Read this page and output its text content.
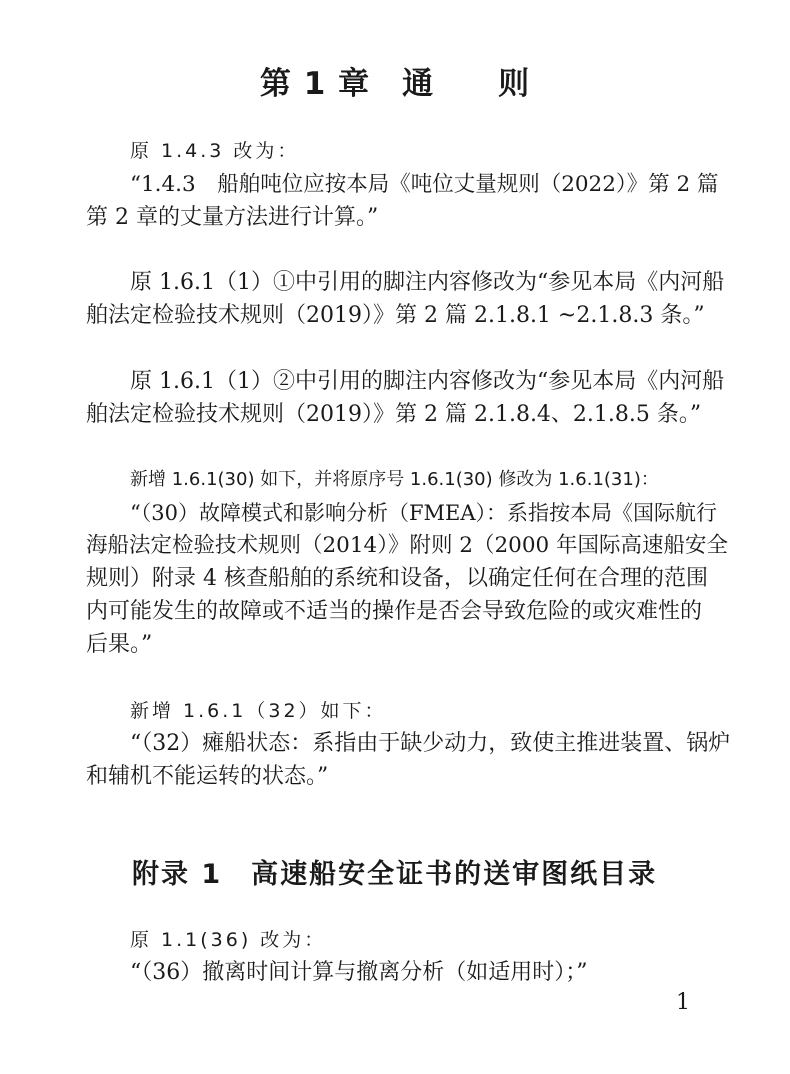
第 1 章　通　　则

原 1.4.3 改为：

“1.4.3　船舶吨位应按本局《吨位丈量规则（2022）》第 2 篇

第 2 章的丈量方法进行计算。”

原 1.6.1（1）①中引用的脚注内容修改为“参见本局《内河船

舶法定检验技术规则（2019）》第 2 篇 2.1.8.1 ~2.1.8.3 条。”

原 1.6.1（1）②中引用的脚注内容修改为“参见本局《内河船

舶法定检验技术规则（2019）》第 2 篇 2.1.8.4、2.1.8.5 条。”

新增 1.6.1(30) 如下，并将原序号 1.6.1(30) 修改为 1.6.1(31)：

“（30）故障模式和影响分析（FMEA）：系指按本局《国际航行

海船法定检验技术规则（2014）》附则 2（2000 年国际高速船安全

规则）附录 4 核查船舶的系统和设备，以确定任何在合理的范围

内可能发生的故障或不适当的操作是否会导致危险的或灾难性的

后果。”

新增 1.6.1（32）如下：

“（32）瘫船状态：系指由于缺少动力，致使主推进装置、锅炉

和辅机不能运转的状态。”

附录 1　高速船安全证书的送审图纸目录

原 1.1(36) 改为：

“（36）撤离时间计算与撤离分析（如适用时）；”

1
